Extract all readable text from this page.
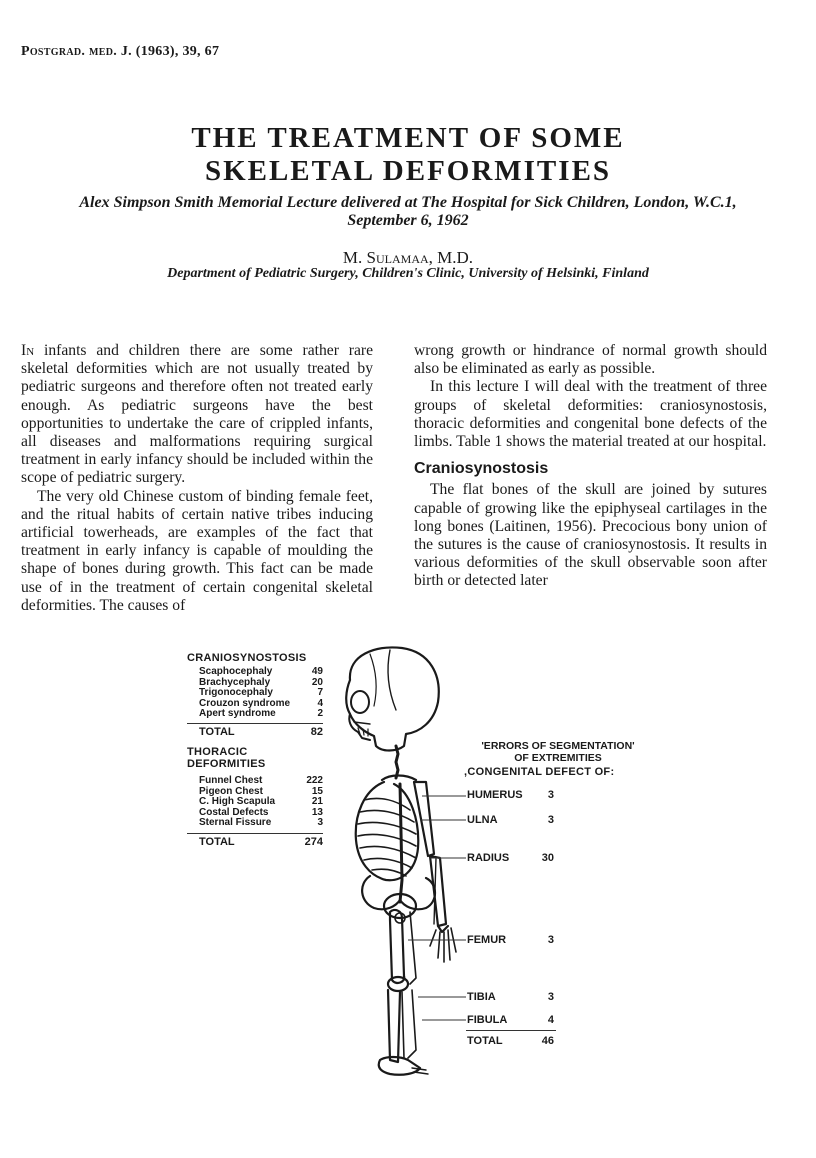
Postgrad. med. J. (1963), 39, 67
THE TREATMENT OF SOME
SKELETAL DEFORMITIES
Alex Simpson Smith Memorial Lecture delivered at The Hospital for Sick Children, London, W.C.1,
September 6, 1962
M. Sulamaa, M.D.
Department of Pediatric Surgery, Children's Clinic, University of Helsinki, Finland

In infants and children there are some rather rare skeletal deformities which are not usually treated by pediatric surgeons and therefore often not treated early enough. As pediatric surgeons have the best opportunities to undertake the care of crippled infants, all diseases and malformations requiring surgical treatment in early infancy should be included within the scope of pediatric surgery.

The very old Chinese custom of binding female feet, and the ritual habits of certain native tribes inducing artificial towerheads, are examples of the fact that treatment in early infancy is capable of moulding the shape of bones during growth. This fact can be made use of in the treatment of certain congenital skeletal deformities. The causes of

wrong growth or hindrance of normal growth should also be eliminated as early as possible.

In this lecture I will deal with the treatment of three groups of skeletal deformities: craniosynostosis, thoracic deformities and congenital bone defects of the limbs. Table 1 shows the material treated at our hospital.

Craniosynostosis

The flat bones of the skull are joined by sutures capable of growing like the epiphyseal cartilages in the long bones (Laitinen, 1956). Precocious bony union of the sutures is the cause of craniosynostosis. It results in various deformities of the skull observable soon after birth or detected later

CRANIOSYNOSTOSIS
Scaphocephaly	49
Brachycephaly	20
Trigonocephaly	7
Crouzon syndrome	4
Apert syndrome	2
TOTAL	82
THORACIC DEFORMITIES
Funnel Chest	222
Pigeon Chest	15
C. High Scapula	21
Costal Defects	13
Sternal Fissure	3
TOTAL	274
'ERRORS OF SEGMENTATION'
OF EXTREMITIES
,CONGENITAL DEFECT OF:
HUMERUS	3
ULNA	3
RADIUS	30
FEMUR	3
TIBIA	3
FIBULA	4
TOTAL	46
